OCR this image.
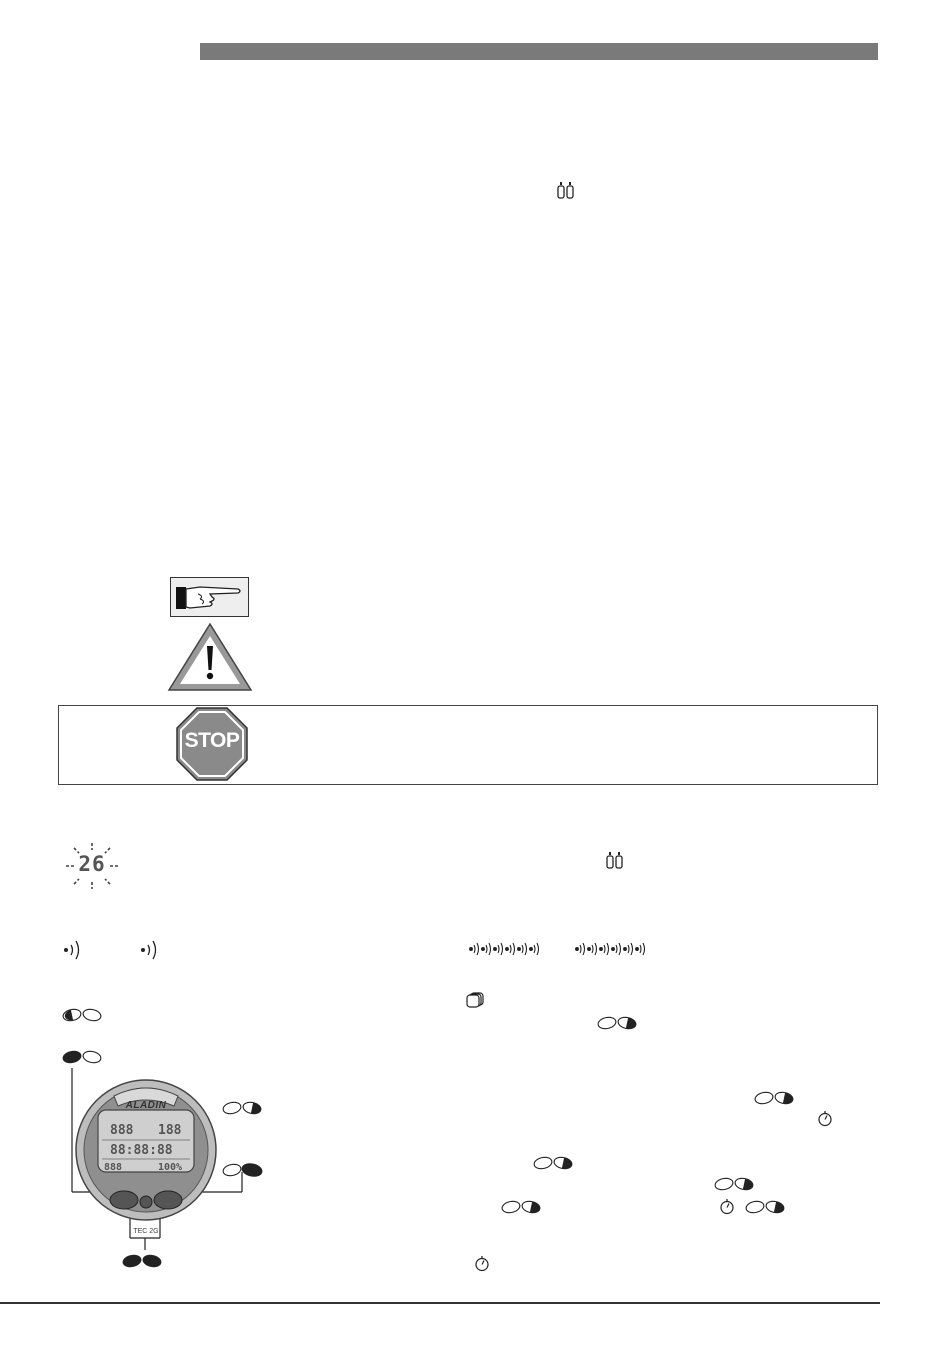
STOP
26
888 188
88:88:88
888	100%
ALADIN
TEC 2G
